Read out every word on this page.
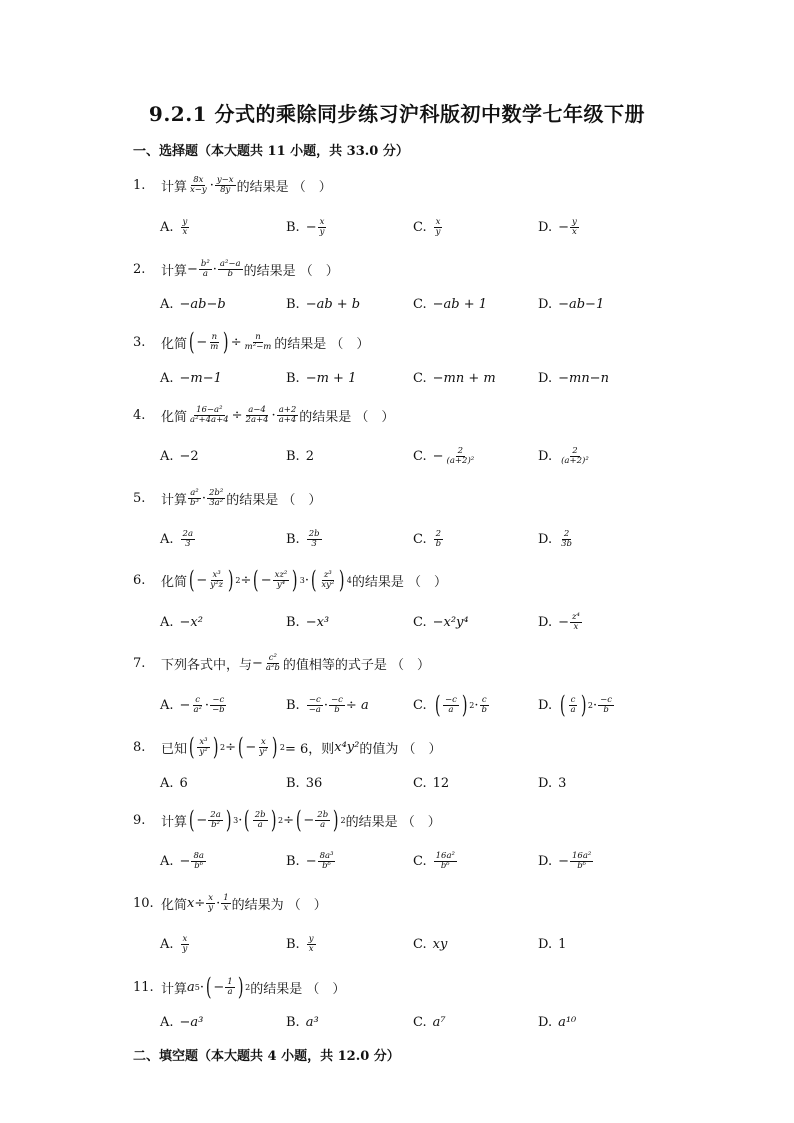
9.2.1 分式的乘除同步练习沪科版初中数学七年级下册
一、选择题（本大题共 11 小题，共 33.0 分）
1.	计算 8x
x−y · y−x
8y 的结果是 （　）
A. y
x	B. − x
y	C. x
y	D. − y
x
2.	计算 − b²
a · a²−a
b 的结果是 （　）
A. −ab−b	B. −ab + b	C. −ab + 1	D. −ab−1
3.	化简 ( − n
m ) ÷ n
m²−m 的结果是 （　）
A. −m−1	B. −m + 1	C. −mn + m	D. −mn−n
4.	化简 16−a²
a²+4a+4 ÷ a−4
2a+4 · a+2
a+4 的结果是 （　）
A. −2	B. 2	C. − 2
(a+2)²	D. 2
(a+2)²
5.	计算 a²
b³ · 2b²
3a² 的结果是 （　）
A. 2a
3	B. 2b
3	C. 2
b	D. 2
3b
6.	化简 ( − x³
y²z ) 2 ÷ ( − xz²
y⁴ ) 3 · ( z³
xy² ) 4 的结果是 （　）
A. −x²	B. −x³	C. −x²y⁴	D. − z⁴
x
7.	下列各式中，与 − c²
a²b 的值相等的式子是 （　）
A. − c
a² · −c
−b	B. −c
$-a \cdot \frac{-c}{b} \div a$	C. ( −c
a ) 2 · c
b	D. ( c
a ) 2 · −c
b
8.	已知 ( x³
y² ) 2 ÷ ( − x
y² ) 2 = 6，则 x⁴y² 的值为 （　）
A. 6	B. 36	C. 12	D. 3
9.	计算 ( − 2a
b² ) 3 · ( 2b
a ) 2 ÷ ( − 2b
a ) 2 的结果是 （　）
A. − 8a
b⁶	B. − 8a³
b⁶	C. 16a²
b⁶	D. − 16a²
b⁶
10. 化简 x ÷ x
y · 1
x 的结果为 （　）
A. x
y	B. y
x	C. xy	D. 1
11. 计算 a 5 · ( − 1
a ) 2 的结果是 （　）
A. −a³	B. a³	C. a⁷	D. a¹⁰
二、填空题（本大题共 4 小题，共 12.0 分）
